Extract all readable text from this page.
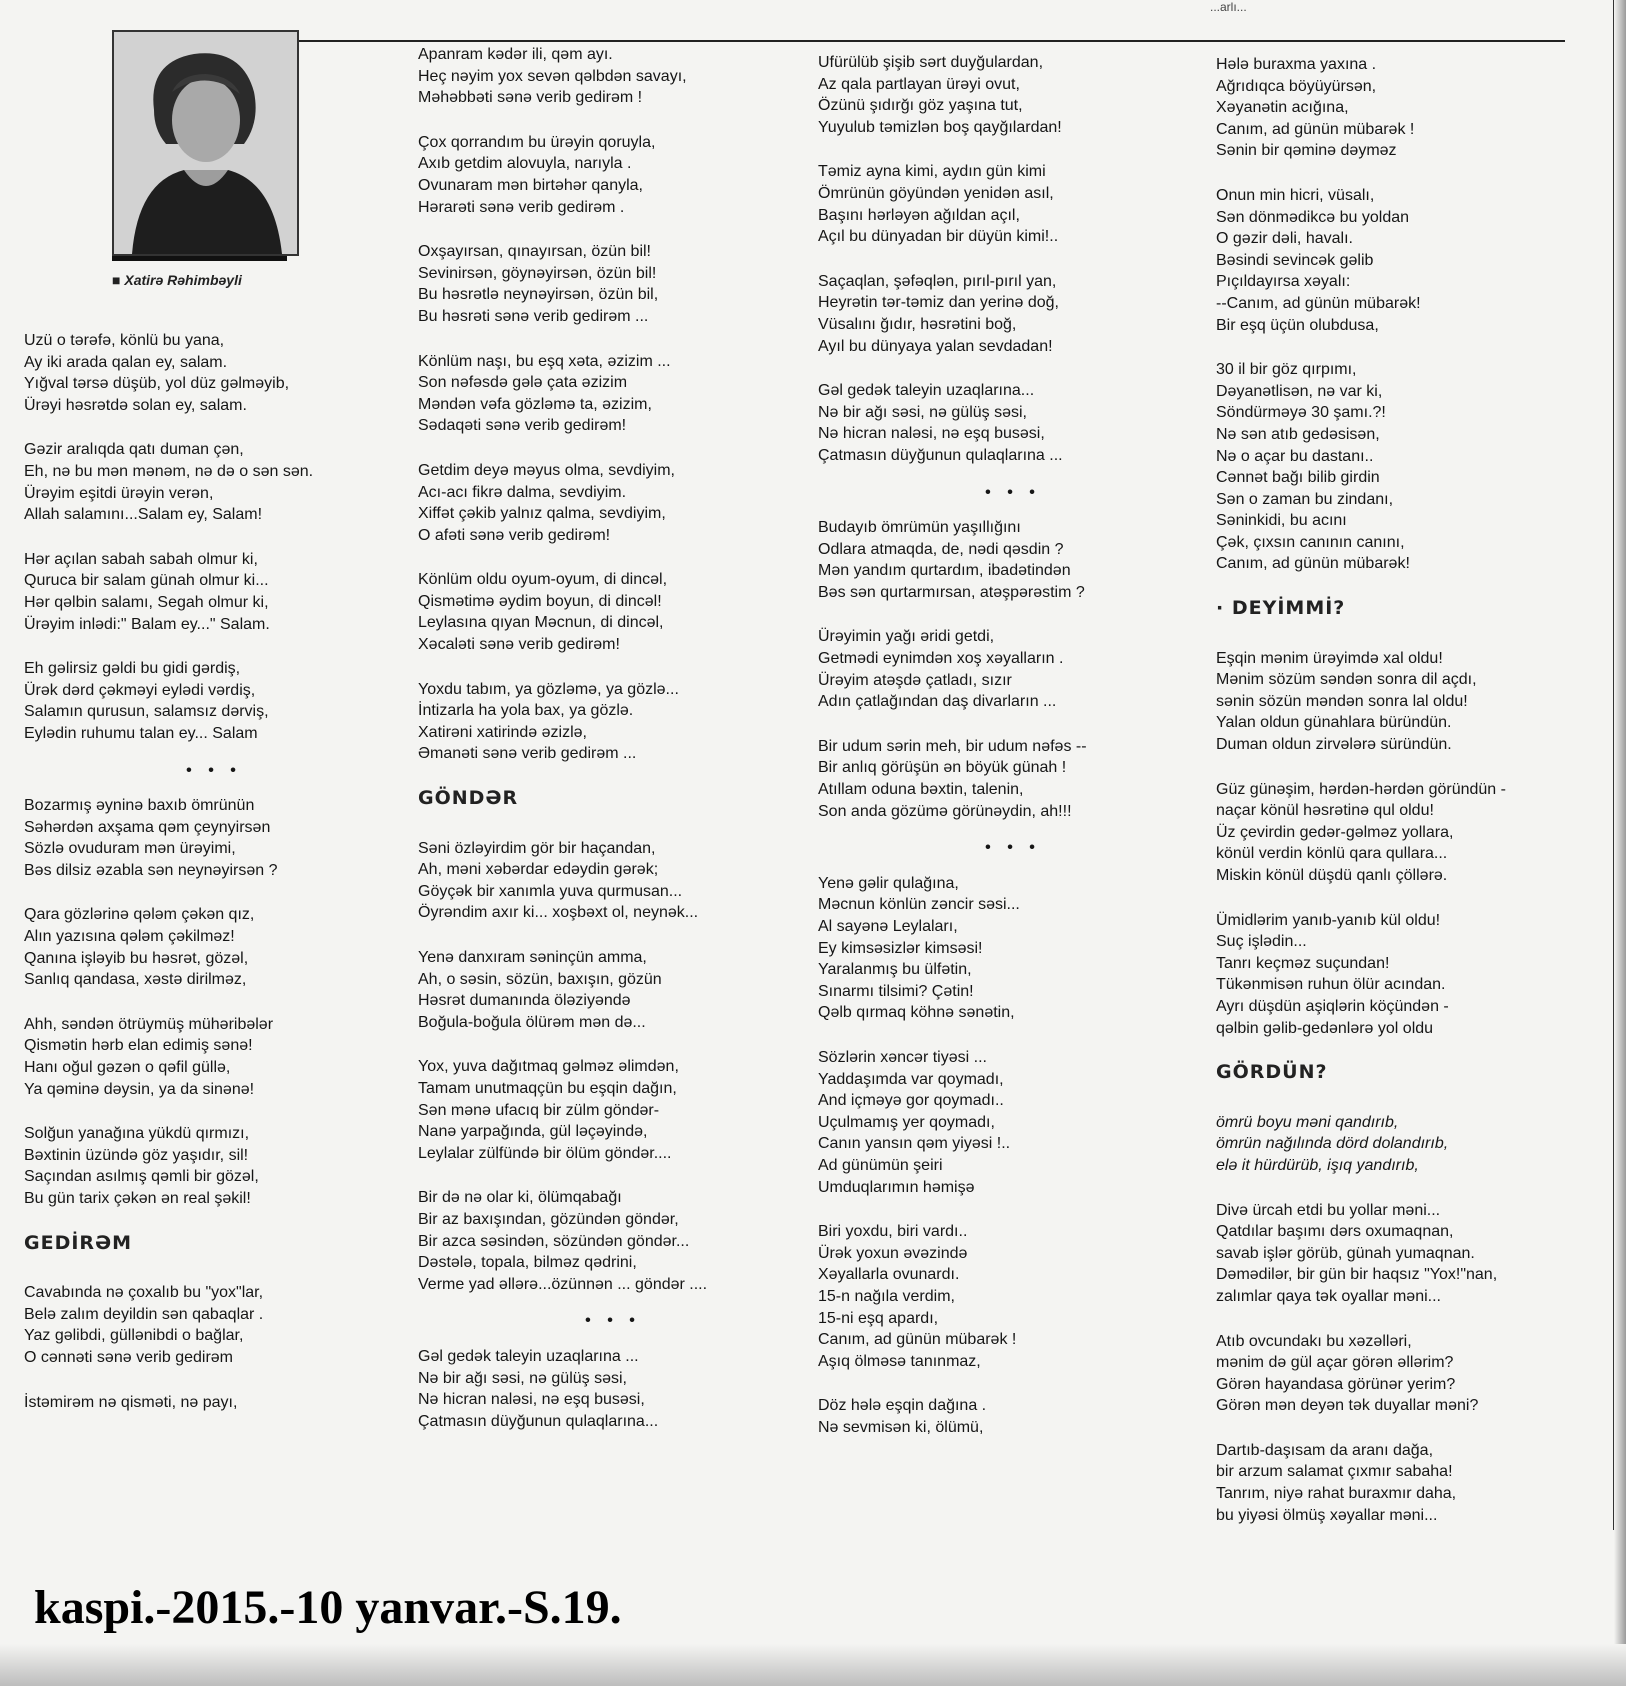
...arlı...
■ Xatirə Rəhimbəyli
Uzü o tərəfə, könlü bu yana,
Ay iki arada qalan ey, salam.
Yığval tərsə düşüb, yol düz gəlməyib,
Ürəyi həsrətdə solan ey, salam.
Gəzir aralıqda qatı duman çən,
Eh, nə bu mən mənəm, nə də o sən sən.
Ürəyim eşitdi ürəyin verən,
Allah salamını...Salam ey, Salam!
Hər açılan sabah sabah olmur ki,
Quruca bir salam günah olmur ki...
Hər qəlbin salamı, Segah olmur ki,
Ürəyim inlədi:" Balam ey..." Salam.
Eh gəlirsiz gəldi bu gidi gərdiş,
Ürək dərd çəkməyi eylədi vərdiş,
Salamın qurusun, salamsız dərviş,
Eylədin ruhumu talan ey... Salam
• • •
Bozarmış əyninə baxıb ömrünün
Səhərdən axşama qəm çeynyirsən
Sözlə ovuduram mən ürəyimi,
Bəs dilsiz əzabla sən neynəyirsən ?
Qara gözlərinə qələm çəkən qız,
Alın yazısına qələm çəkilməz!
Qanına işləyib bu həsrət, gözəl,
Sanlıq qandasa, xəstə dirilməz,
Ahh, səndən ötrüymüş mühəribələr
Qismətin hərb elan edimiş sənə!
Hanı oğul gəzən o qəfil güllə,
Ya qəminə dəysin, ya da sinənə!
Solğun yanağına yükdü qırmızı,
Bəxtinin üzündə göz yaşıdır, sil!
Saçından asılmış qəmli bir gözəl,
Bu gün tarix çəkən ən real şəkil!
GEDİRƏM
Cavabında nə çoxalıb bu "yox"lar,
Belə zalım deyildin sən qabaqlar .
Yaz gəlibdi, güllənibdi o bağlar,
O cənnəti sənə verib gedirəm
İstəmirəm nə qisməti, nə payı,
Apanram kədər ili, qəm ayı.
Heç nəyim yox sevən qəlbdən savayı,
Məhəbbəti sənə verib gedirəm !
Çox qorrandım bu ürəyin qoruyla,
Axıb getdim alovuyla, narıyla .
Ovunaram mən birtəhər qanyla,
Hərarəti sənə verib gedirəm .
Oxşayırsan, qınayırsan, özün bil!
Sevinirsən, göynəyirsən, özün bil!
Bu həsrətlə neynəyirsən, özün bil,
Bu həsrəti sənə verib gedirəm ...
Könlüm naşı, bu eşq xəta, əzizim ...
Son nəfəsdə gələ çata əzizim
Məndən vəfa gözləmə ta, əzizim,
Sədaqəti sənə verib gedirəm!
Getdim deyə məyus olma, sevdiyim,
Acı-acı fikrə dalma, sevdiyim.
Xiffət çəkib yalnız qalma, sevdiyim,
O afəti sənə verib gedirəm!
Könlüm oldu oyum-oyum, di dincəl,
Qismətimə əydim boyun, di dincəl!
Leylasına qıyan Məcnun, di dincəl,
Xəcaləti sənə verib gedirəm!
Yoxdu tabım, ya gözləmə, ya gözlə...
İntizarla ha yola bax, ya gözlə.
Xatirəni xatirində əzizlə,
Əmanəti sənə verib gedirəm ...
GÖNDƏR
Səni özləyirdim gör bir haçandan,
Ah, məni xəbərdar edəydin gərək;
Göyçək bir xanımla yuva qurmusan...
Öyrəndim axır ki... xoşbəxt ol, neynək...
Yenə danxıram səninçün amma,
Ah, o səsin, sözün, baxışın, gözün
Həsrət dumanında öləziyəndə
Boğula-boğula ölürəm mən də...
Yox, yuva dağıtmaq gəlməz əlimdən,
Tamam unutmaqçün bu eşqin dağın,
Sən mənə ufacıq bir zülm göndər-
Nanə yarpağında, gül ləçəyində,
Leylalar zülfündə bir ölüm göndər....
Bir də nə olar ki, ölümqabağı
Bir az baxışından, gözündən göndər,
Bir azca səsindən, sözündən göndər...
Dəstələ, topala, bilməz qədrini,
Verme yad əllərə...özünnən ... göndər ....
• • •
Gəl gedək taleyin uzaqlarına ...
Nə bir ağı səsi, nə gülüş səsi,
Nə hicran naləsi, nə eşq busəsi,
Çatmasın düyğunun qulaqlarına...
Ufürülüb şişib sərt duyğulardan,
Az qala partlayan ürəyi ovut,
Özünü şıdırğı göz yaşına tut,
Yuyulub təmizlən boş qayğılardan!
Təmiz ayna kimi, aydın gün kimi
Ömrünün göyündən yenidən asıl,
Başını hərləyən ağıldan açıl,
Açıl bu dünyadan bir düyün kimi!..
Saçaqlan, şəfəqlən, pırıl-pırıl yan,
Heyrətin tər-təmiz dan yerinə doğ,
Vüsalını ğıdır, həsrətini boğ,
Ayıl bu dünyaya yalan sevdadan!
Gəl gedək taleyin uzaqlarına...
Nə bir ağı səsi, nə gülüş səsi,
Nə hicran naləsi, nə eşq busəsi,
Çatmasın düyğunun qulaqlarına ...
• • •
Budayıb ömrümün yaşıllığını
Odlara atmaqda, de, nədi qəsdin ?
Mən yandım qurtardım, ibadətindən
Bəs sən qurtarmırsan, atəşpərəstim ?
Ürəyimin yağı əridi getdi,
Getmədi eynimdən xoş xəyalların .
Ürəyim atəşdə çatladı, sızır
Adın çatlağından daş divarların ...
Bir udum sərin meh, bir udum nəfəs --
Bir anlıq görüşün ən böyük günah !
Atıllam oduna bəxtin, talenin,
Son anda gözümə görünəydin, ah!!!
• • •
Yenə gəlir qulağına,
Məcnun könlün zəncir səsi...
Al sayənə Leylaları,
Ey kimsəsizlər kimsəsi!
Yaralanmış bu ülfətin,
Sınarmı tilsimi? Çətin!
Qəlb qırmaq köhnə sənətin,
Sözlərin xəncər tiyəsi ...
Yaddaşımda var qoymadı,
And içməyə gor qoymadı..
Uçulmamış yer qoymadı,
Canın yansın qəm yiyəsi !..
Ad günümün şeiri
Umduqlarımın həmişə
Biri yoxdu, biri vardı..
Ürək yoxun əvəzində
Xəyallarla ovunardı.
15-n nağıla verdim,
15-ni eşq apardı,
Canım, ad günün mübarək !
Aşıq ölməsə tanınmaz,
Döz hələ eşqin dağına .
Nə sevmisən ki, ölümü,
Hələ buraxma yaxına .
Ağrıdıqca böyüyürsən,
Xəyanətin acığına,
Canım, ad günün mübarək !
Sənin bir qəminə dəyməz
Onun min hicri, vüsalı,
Sən dönmədikcə bu yoldan
O gəzir dəli, havalı.
Bəsindi sevincək gəlib
Pıçıldayırsa xəyalı:
--Canım, ad günün mübarək!
Bir eşq üçün olubdusa,
30 il bir göz qırpımı,
Dəyanətlisən, nə var ki,
Söndürməyə 30 şamı.?!
Nə sən atıb gedəsisən,
Nə o açar bu dastanı..
Cənnət bağı bilib girdin
Sən o zaman bu zindanı,
Səninkidi, bu acını
Çək, çıxsın canının canını,
Canım, ad günün mübarək!
· DEYİMMİ?
Eşqin mənim ürəyimdə xal oldu!
Mənim sözüm səndən sonra dil açdı,
sənin sözün məndən sonra lal oldu!
Yalan oldun günahlara büründün.
Duman oldun zirvələrə süründün.
Güz günəşim, hərdən-hərdən göründün -
naçar könül həsrətinə qul oldu!
Üz çevirdin gedər-gəlməz yollara,
könül verdin könlü qara qullara...
Miskin könül düşdü qanlı çöllərə.
Ümidlərim yanıb-yanıb kül oldu!
Suç işlədin...
Tanrı keçməz suçundan!
Tükənmisən ruhun ölür acından.
Ayrı düşdün aşiqlərin köçündən -
qəlbin gəlib-gedənlərə yol oldu
GÖRDÜN?
ömrü boyu məni qandırıb,
ömrün nağılında dörd dolandırıb,
elə it hürdürüb, işıq yandırıb,
Divə ürcah etdi bu yollar məni...
Qatdılar başımı dərs oxumaqnan,
savab işlər görüb, günah yumaqnan.
Dəmədilər, bir gün bir haqsız "Yox!"nan,
zalımlar qaya tək oyallar məni...
Atıb ovcundakı bu xəzəlləri,
mənim də gül açar görən əllərim?
Görən hayandasa görünər yerim?
Görən mən deyən tək duyallar məni?
Dartıb-daşısam da aranı dağa,
bir arzum salamat çıxmır sabaha!
Tanrım, niyə rahat buraxmır daha,
bu yiyəsi ölmüş xəyallar məni...
kaspi.-2015.-10 yanvar.-S.19.
